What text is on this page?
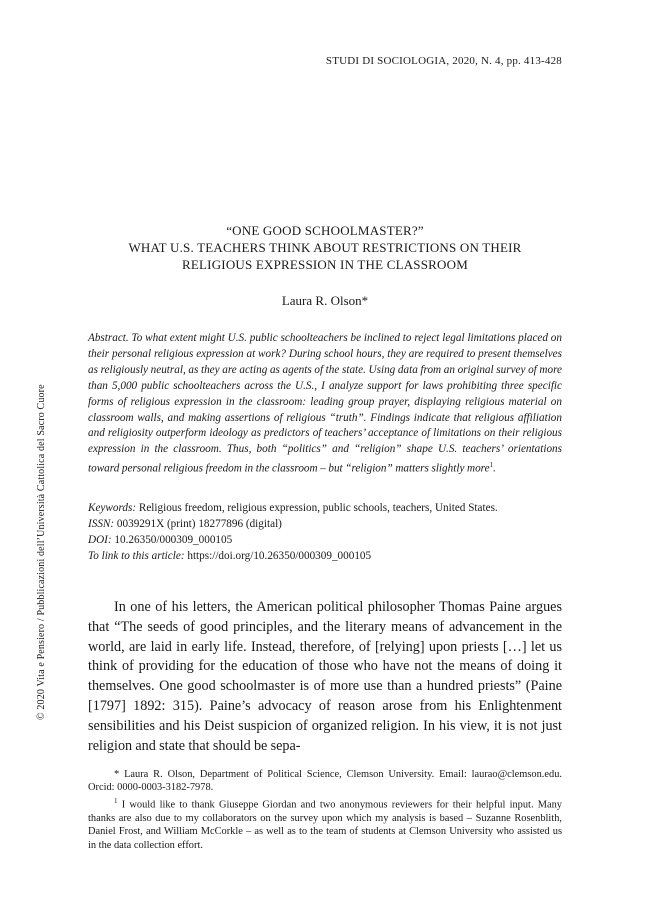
STUDI DI SOCIOLOGIA, 2020, N. 4, pp. 413-428
“ONE GOOD SCHOOLMASTER?”
WHAT U.S. TEACHERS THINK ABOUT RESTRICTIONS ON THEIR
RELIGIOUS EXPRESSION IN THE CLASSROOM
Laura R. Olson*
Abstract. To what extent might U.S. public schoolteachers be inclined to reject legal limitations placed on their personal religious expression at work? During school hours, they are required to present themselves as religiously neutral, as they are acting as agents of the state. Using data from an original survey of more than 5,000 public schoolteachers across the U.S., I analyze support for laws prohibiting three specific forms of religious expression in the classroom: leading group prayer, displaying religious material on classroom walls, and making assertions of religious “truth”. Findings indicate that religious affiliation and religiosity outperform ideology as predictors of teachers’ acceptance of limitations on their religious expression in the classroom. Thus, both “politics” and “religion” shape U.S. teachers’ orientations toward personal religious freedom in the classroom – but “religion” matters slightly more$^1$.
Keywords: Religious freedom, religious expression, public schools, teachers, United States.
ISSN: 0039291X (print) 18277896 (digital)
DOI: 10.26350/000309_000105
To link to this article: https://doi.org/10.26350/000309_000105
In one of his letters, the American political philosopher Thomas Paine argues that “The seeds of good principles, and the literary means of advancement in the world, are laid in early life. Instead, therefore, of [relying] upon priests […] let us think of providing for the education of those who have not the means of doing it themselves. One good schoolmaster is of more use than a hundred priests” (Paine [1797] 1892: 315). Paine’s advocacy of reason arose from his Enlightenment sensibilities and his Deist suspicion of organized religion. In his view, it is not just religion and state that should be sepa-

* Laura R. Olson, Department of Political Science, Clemson University. Email: laurao@clemson.edu. Orcid: 0000-0003-3182-7978.

$^1$ I would like to thank Giuseppe Giordan and two anonymous reviewers for their helpful input. Many thanks are also due to my collaborators on the survey upon which my analysis is based – Suzanne Rosenblith, Daniel Frost, and William McCorkle – as well as to the team of students at Clemson University who assisted us in the data collection effort.

© 2020 Vita e Pensiero / Pubblicazioni dell’Università Cattolica del Sacro Cuore
